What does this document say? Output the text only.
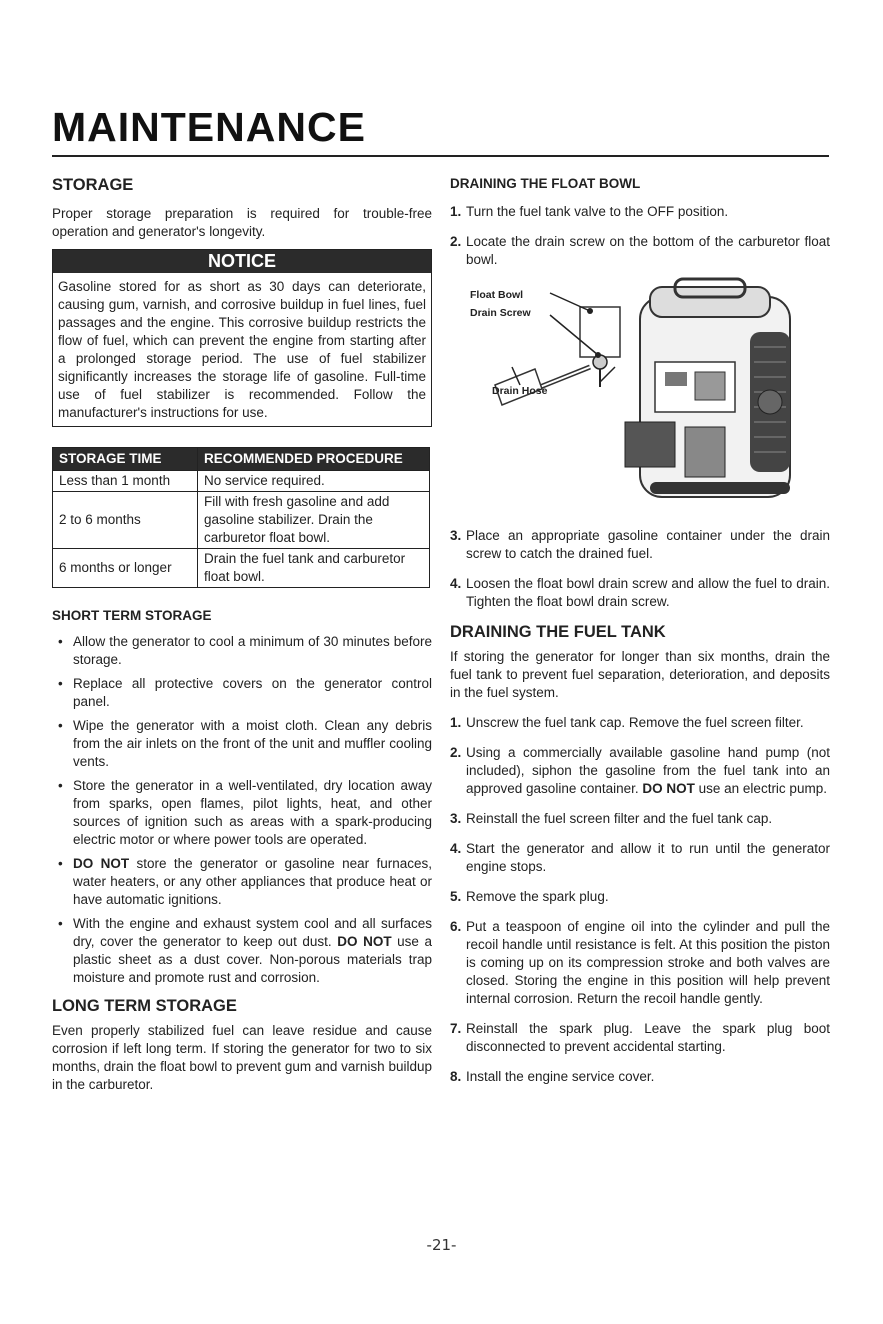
MAINTENANCE
STORAGE

Proper storage preparation is required for trouble-free operation and generator's longevity.

NOTICE
Gasoline stored for as short as 30 days can deteriorate, causing gum, varnish, and corrosive buildup in fuel lines, fuel passages and the engine. This corrosive buildup restricts the flow of fuel, which can prevent the engine from starting after a prolonged storage period. The use of fuel stabilizer significantly increases the storage life of gasoline. Full-time use of fuel stabilizer is recommended. Follow the manufacturer's instructions for use.
STORAGE TIME	RECOMMENDED PROCEDURE
Less than 1 month	No service required.
2 to 6 months	Fill with fresh gasoline and add gasoline stabilizer. Drain the carburetor float bowl.
6 months or longer	Drain the fuel tank and carburetor float bowl.
SHORT TERM STORAGE
• Allow the generator to cool a minimum of 30 minutes before storage.
• Replace all protective covers on the generator control panel.
• Wipe the generator with a moist cloth. Clean any debris from the air inlets on the front of the unit and muffler cooling vents.
• Store the generator in a well-ventilated, dry location away from sparks, open flames, pilot lights, heat, and other sources of ignition such as areas with a spark-producing electric motor or where power tools are operated.
• DO NOT store the generator or gasoline near furnaces, water heaters, or any other appliances that produce heat or have automatic ignitions.
• With the engine and exhaust system cool and all surfaces dry, cover the generator to keep out dust. DO NOT use a plastic sheet as a dust cover. Non-porous materials trap moisture and promote rust and corrosion.
LONG TERM STORAGE

Even properly stabilized fuel can leave residue and cause corrosion if left long term. If storing the generator for two to six months, drain the float bowl to prevent gum and varnish buildup in the carburetor.

DRAINING THE FLOAT BOWL
1. Turn the fuel tank valve to the OFF position.
2. Locate the drain screw on the bottom of the carburetor float bowl.
Float Bowl
Drain Screw
Drain Hose
3. Place an appropriate gasoline container under the drain screw to catch the drained fuel.
4. Loosen the float bowl drain screw and allow the fuel to drain. Tighten the float bowl drain screw.
DRAINING THE FUEL TANK

If storing the generator for longer than six months, drain the fuel tank to prevent fuel separation, deterioration, and deposits in the fuel system.

1. Unscrew the fuel tank cap. Remove the fuel screen filter.
2. Using a commercially available gasoline hand pump (not included), siphon the gasoline from the fuel tank into an approved gasoline container. DO NOT use an electric pump.
3. Reinstall the fuel screen filter and the fuel tank cap.
4. Start the generator and allow it to run until the generator engine stops.
5. Remove the spark plug.
6. Put a teaspoon of engine oil into the cylinder and pull the recoil handle until resistance is felt. At this position the piston is coming up on its compression stroke and both valves are closed. Storing the engine in this position will help prevent internal corrosion. Return the recoil handle gently.
7. Reinstall the spark plug. Leave the spark plug boot disconnected to prevent accidental starting.
8. Install the engine service cover.
-21-
